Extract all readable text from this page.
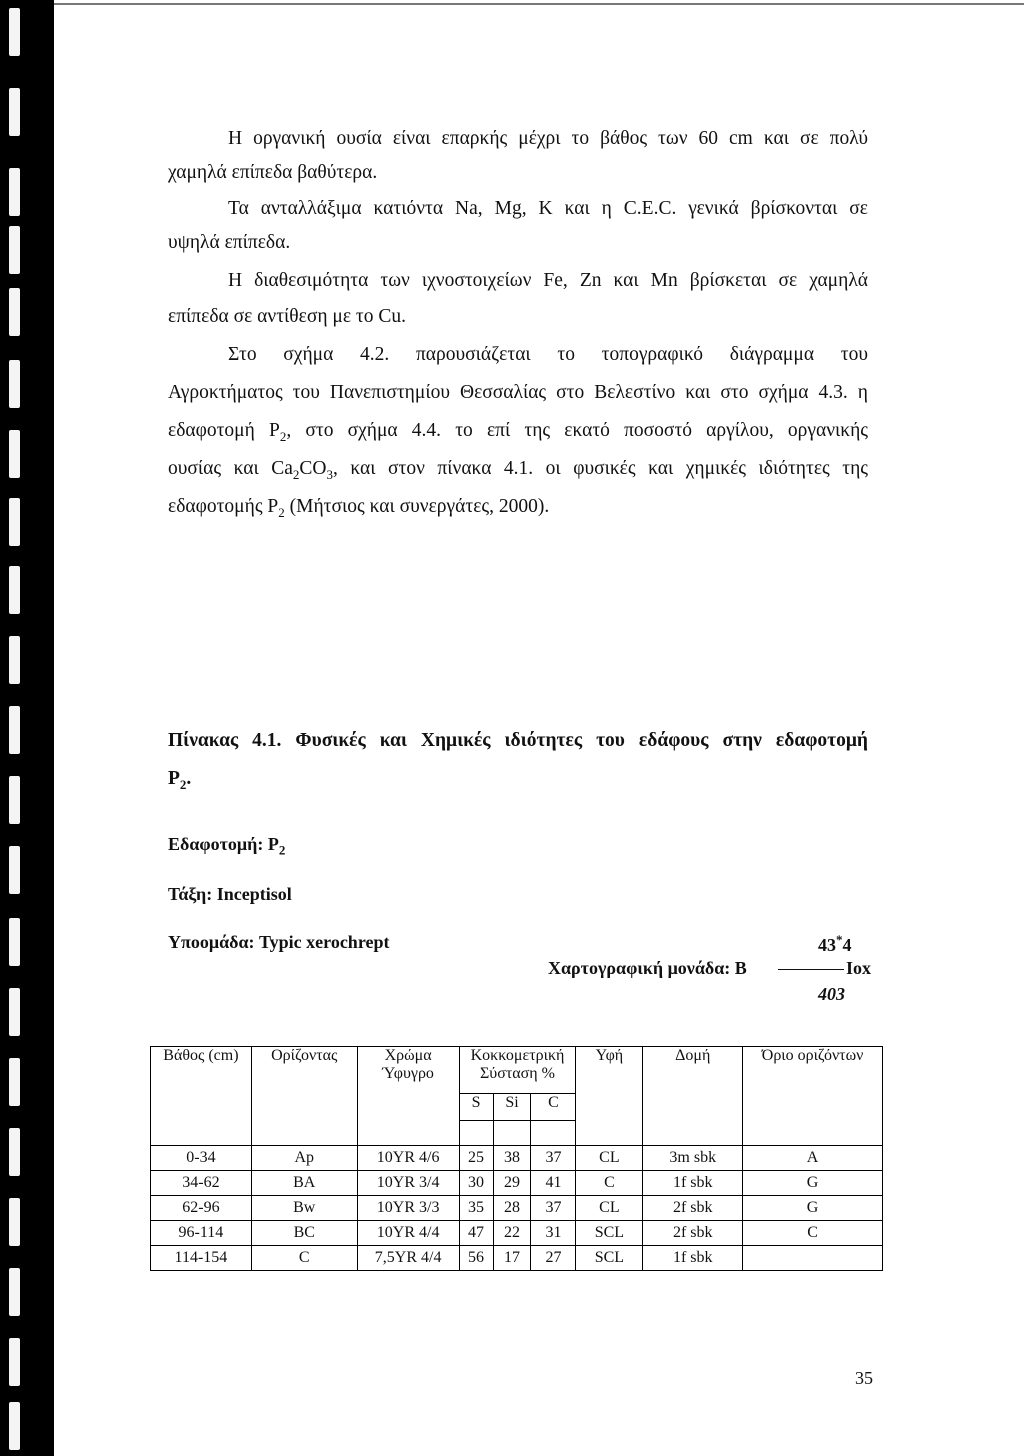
Η οργανική ουσία είναι επαρκής μέχρι το βάθος των 60 cm και σε πολύ

χαμηλά επίπεδα βαθύτερα.

Τα ανταλλάξιμα κατιόντα Na, Mg, K και η C.E.C. γενικά βρίσκονται σε

υψηλά επίπεδα.

Η διαθεσιμότητα των ιχνοστοιχείων Fe, Zn και Mn βρίσκεται σε χαμηλά

επίπεδα σε αντίθεση με το Cu.

Στο σχήμα 4.2. παρουσιάζεται το τοπογραφικό διάγραμμα του

Αγροκτήματος του Πανεπιστημίου Θεσσαλίας στο Βελεστίνο και στο σχήμα 4.3. η

εδαφοτομή $P_2$, στο σχήμα 4.4. το επί της εκατό ποσοστό αργίλου, οργανικής

ουσίας και $Ca_2CO_3$, και στον πίνακα 4.1. οι φυσικές και χημικές ιδιότητες της

εδαφοτομής $P_2$ (Μήτσιος και συνεργάτες, 2000).

Πίνακας 4.1. Φυσικές και Χημικές ιδιότητες του εδάφους στην εδαφοτομή

$P_2$.

Εδαφοτομή: $P_2$

Τάξη: Inceptisol

Υποομάδα: Typic xerochrept	43*4

Χαρτογραφική μονάδα: B	Iox

403

Βάθος (cm)	Ορίζοντας	Χρώμα Ύφυγρο	Κοκκομετρική Σύσταση %			Υφή	Δομή	Όριο οριζόντων
			S	Si	C			

0-34	Ap	10YR 4/6	25	38	37	CL	3m sbk	A
34-62	BA	10YR 3/4	30	29	41	C	1f sbk	G
62-96	Bw	10YR 3/3	35	28	37	CL	2f sbk	G
96-114	BC	10YR 4/4	47	22	31	SCL	2f sbk	C
114-154	C	7,5YR 4/4	56	17	27	SCL	1f sbk	
35
